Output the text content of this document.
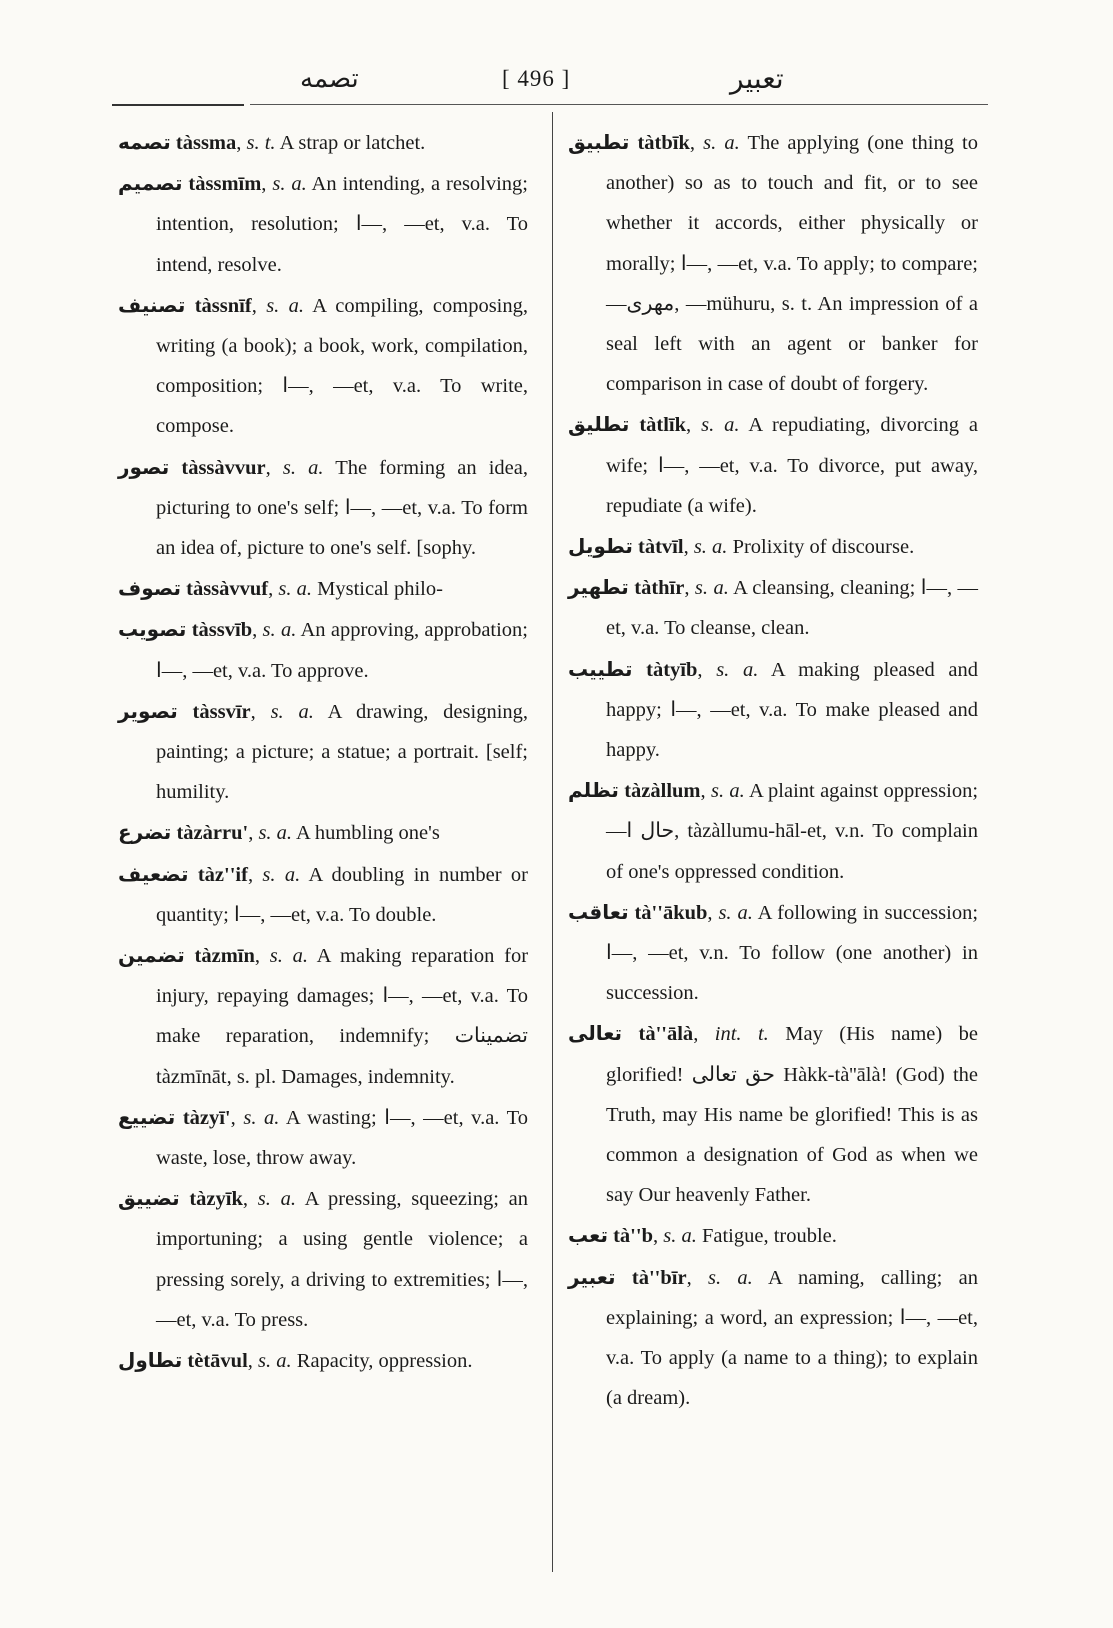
تصمه	[ 496 ]	تعبير
تصمه tàssma, s. t. A strap or latchet.
تصميم tàssmīm, s. a. An intending, a resolving; intention, resolution; ا—, —et, v.a. To intend, resolve.
تصنيف tàssnīf, s. a. A compiling, composing, writing (a book); a book, work, compilation, composition; ا—, —et, v.a. To write, compose.
تصور tàssàvvur, s. a. The forming an idea, picturing to one's self; ا—, —et, v.a. To form an idea of, picture to one's self. [sophy.
تصوف tàssàvvuf, s. a. Mystical philo-
تصويب tàssvīb, s. a. An approving, approbation; ا—, —et, v.a. To approve.
تصوير tàssvīr, s. a. A drawing, designing, painting; a picture; a statue; a portrait. [self; humility.
تضرع tàzàrru', s. a. A humbling one's
تضعيف tàz''if, s. a. A doubling in number or quantity; ا—, —et, v.a. To double.
تضمين tàzmīn, s. a. A making reparation for injury, repaying damages; ا—, —et, v.a. To make reparation, indemnify; تضمينات tàzmīnāt, s. pl. Damages, indemnity.
تضييع tàzyī', s. a. A wasting; ا—, —et, v.a. To waste, lose, throw away.
تضييق tàzyīk, s. a. A pressing, squeezing; an importuning; a using gentle violence; a pressing sorely, a driving to extremities; ا—, —et, v.a. To press.
تطاول tètāvul, s. a. Rapacity, oppression.
تطبيق tàtbīk, s. a. The applying (one thing to another) so as to touch and fit, or to see whether it accords, either physically or morally; ا—, —et, v.a. To apply; to compare; —مهری, —mühuru, s. t. An impression of a seal left with an agent or banker for comparison in case of doubt of forgery.
تطليق tàtlīk, s. a. A repudiating, divorcing a wife; ا—, —et, v.a. To divorce, put away, repudiate (a wife).
تطويل tàtvīl, s. a. Prolixity of discourse.
تطهير tàthīr, s. a. A cleansing, cleaning; ا—, —et, v.a. To cleanse, clean.
تطييب tàtyīb, s. a. A making pleased and happy; ا—, —et, v.a. To make pleased and happy.
تظلم tàzàllum, s. a. A plaint against oppression; —حال ا, tàzàllumu-hāl-et, v.n. To complain of one's oppressed condition.
تعاقب tà''ākub, s. a. A following in succession; ا—, —et, v.n. To follow (one another) in succession.
تعالى tà''ālà, int. t. May (His name) be glorified! حق تعالى Hàkk-tà''ālà! (God) the Truth, may His name be glorified! This is as common a designation of God as when we say Our heavenly Father.
تعب tà''b, s. a. Fatigue, trouble.
تعبير tà''bīr, s. a. A naming, calling; an explaining; a word, an expression; ا—, —et, v.a. To apply (a name to a thing); to explain (a dream).
